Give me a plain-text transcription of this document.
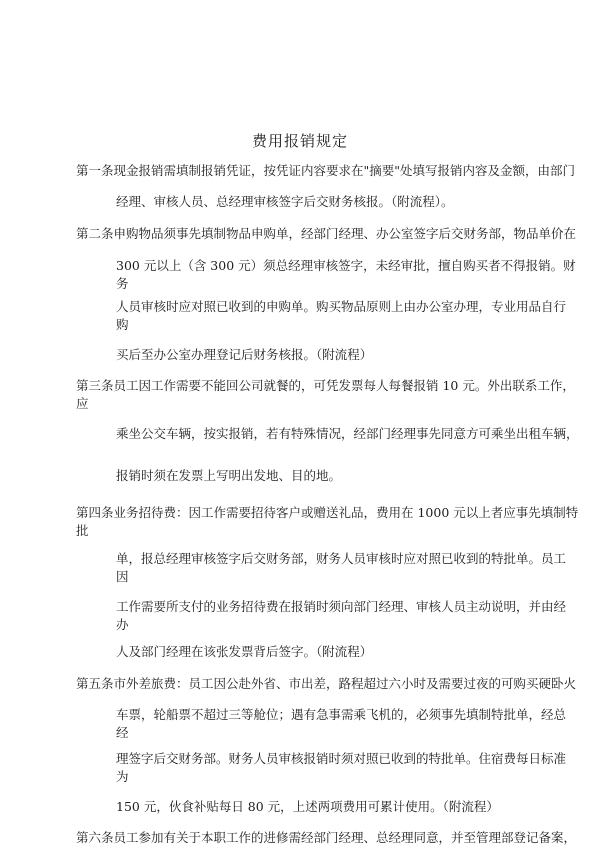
费用报销规定
第一条现金报销需填制报销凭证，按凭证内容要求在"摘要"处填写报销内容及金额，由部门
经理、审核人员、总经理审核签字后交财务核报。（附流程）。
第二条申购物品须事先填制物品申购单，经部门经理、办公室签字后交财务部，物品单价在
300 元以上（含 300 元）须总经理审核签字，未经审批，擅自购买者不得报销。财
务
人员审核时应对照已收到的申购单。购买物品原则上由办公室办理，专业用品自行
购
买后至办公室办理登记后财务核报。（附流程）
第三条员工因工作需要不能回公司就餐的，可凭发票每人每餐报销 10 元。外出联系工作，
应
乘坐公交车辆，按实报销，若有特殊情况，经部门经理事先同意方可乘坐出租车辆，
报销时须在发票上写明出发地、目的地。
第四条业务招待费：因工作需要招待客户或赠送礼品，费用在 1000 元以上者应事先填制特
批
单，报总经理审核签字后交财务部，财务人员审核时应对照已收到的特批单。员工
因
工作需要所支付的业务招待费在报销时须向部门经理、审核人员主动说明，并由经
办
人及部门经理在该张发票背后签字。（附流程）
第五条市外差旅费：员工因公赴外省、市出差，路程超过六小时及需要过夜的可购买硬卧火
车票，轮船票不超过三等舱位；遇有急事需乘飞机的，必须事先填制特批单，经总
经
理签字后交财务部。财务人员审核报销时须对照已收到的特批单。住宿费每日标准
为
150 元，伙食补贴每日 80 元，上述两项费用可累计使用。（附流程）
第六条员工参加有关于本职工作的进修需经部门经理、总经理同意，并至管理部登记备案，
